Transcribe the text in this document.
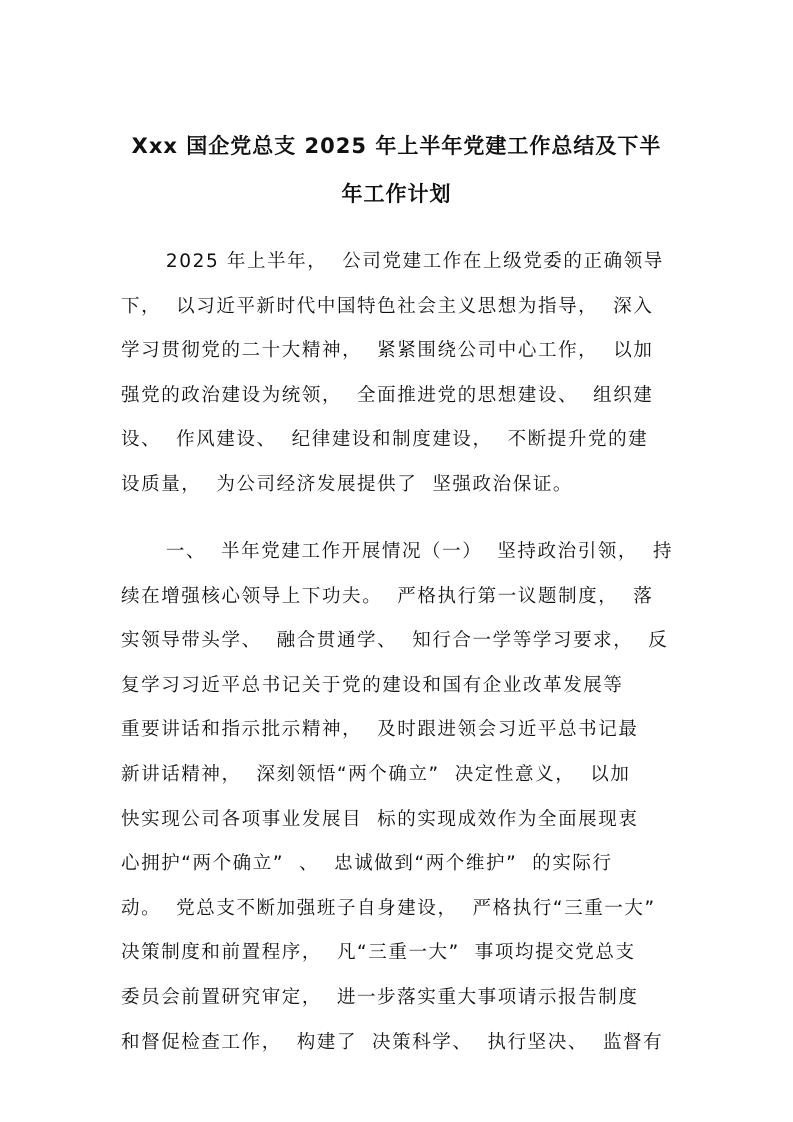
Xxx 国企党总支 2025 年上半年党建工作总结及下半
年工作计划
2025 年上半年，  公司党建工作在上级党委的正确领导
下，  以习近平新时代中国特色社会主义思想为指导，  深入
学习贯彻党的二十大精神，  紧紧围绕公司中心工作，  以加
强党的政治建设为统领，  全面推进党的思想建设、  组织建
设、  作风建设、  纪律建设和制度建设，  不断提升党的建
设质量，  为公司经济发展提供了  坚强政治保证。
一、  半年党建工作开展情况（一）  坚持政治引领，  持
续在增强核心领导上下功夫。  严格执行第一议题制度，  落
实领导带头学、  融合贯通学、  知行合一学等学习要求，  反
复学习习近平总书记关于党的建设和国有企业改革发展等
重要讲话和指示批示精神，  及时跟进领会习近平总书记最
新讲话精神，  深刻领悟“两个确立”  决定性意义，  以加
快实现公司各项事业发展目  标的实现成效作为全面展现衷
心拥护“两个确立”  、  忠诚做到“两个维护”  的实际行
动。  党总支不断加强班子自身建设，  严格执行“三重一大”
决策制度和前置程序，  凡“三重一大”  事项均提交党总支
委员会前置研究审定，  进一步落实重大事项请示报告制度
和督促检查工作，  构建了  决策科学、  执行坚决、  监督有
